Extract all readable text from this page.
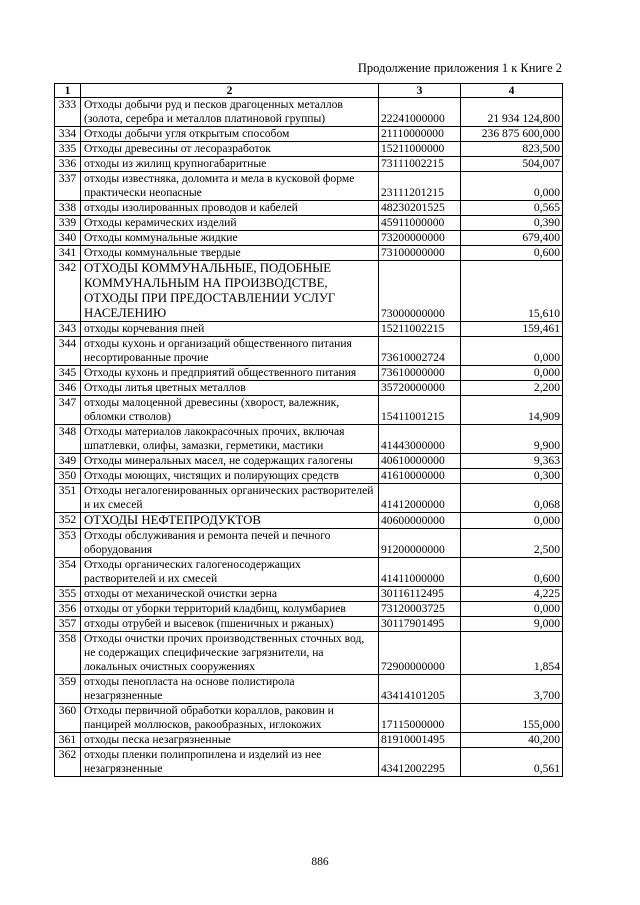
Продолжение приложения 1 к Книге 2
1	2	3	4
333	Отходы добычи руд и песков драгоценных металлов (золота, серебра и металлов платиновой группы)	22241000000	21 934 124,800
334	Отходы добычи угля открытым способом	21110000000	236 875 600,000
335	Отходы древесины от лесоразработок	15211000000	823,500
336	отходы из жилищ крупногабаритные	73111002215	504,007
337	отходы известняка, доломита и мела в кусковой форме практически неопасные	23111201215	0,000
338	отходы изолированных проводов и кабелей	48230201525	0,565
339	Отходы керамических изделий	45911000000	0,390
340	Отходы коммунальные жидкие	73200000000	679,400
341	Отходы коммунальные твердые	73100000000	0,600
342	ОТХОДЫ КОММУНАЛЬНЫЕ, ПОДОБНЫЕ КОММУНАЛЬНЫМ НА ПРОИЗВОДСТВЕ, ОТХОДЫ ПРИ ПРЕДОСТАВЛЕНИИ УСЛУГ НАСЕЛЕНИЮ	73000000000	15,610
343	отходы корчевания пней	15211002215	159,461
344	отходы кухонь и организаций общественного питания несортированные прочие	73610002724	0,000
345	Отходы кухонь и предприятий общественного питания	73610000000	0,000
346	Отходы литья цветных металлов	35720000000	2,200
347	отходы малоценной древесины (хворост, валежник, обломки стволов)	15411001215	14,909
348	Отходы материалов лакокрасочных прочих, включая шпатлевки, олифы, замазки, герметики, мастики	41443000000	9,900
349	Отходы минеральных масел, не содержащих галогены	40610000000	9,363
350	Отходы моющих, чистящих и полирующих средств	41610000000	0,300
351	Отходы негалогенированных органических растворителей и их смесей	41412000000	0,068
352	ОТХОДЫ НЕФТЕПРОДУКТОВ	40600000000	0,000
353	Отходы обслуживания и ремонта печей и печного оборудования	91200000000	2,500
354	Отходы органических галогеносодержащих растворителей и их смесей	41411000000	0,600
355	отходы от механической очистки зерна	30116112495	4,225
356	отходы от уборки территорий кладбищ, колумбариев	73120003725	0,000
357	отходы отрубей и высевок (пшеничных и ржаных)	30117901495	9,000
358	Отходы очистки прочих производственных сточных вод, не содержащих специфические загрязнители, на локальных очистных сооружениях	72900000000	1,854
359	отходы пенопласта на основе полистирола незагрязненные	43414101205	3,700
360	Отходы первичной обработки кораллов, раковин и панцирей моллюсков, ракообразных, иглокожих	17115000000	155,000
361	отходы песка незагрязненные	81910001495	40,200
362	отходы пленки полипропилена и изделий из нее незагрязненные	43412002295	0,561
886
